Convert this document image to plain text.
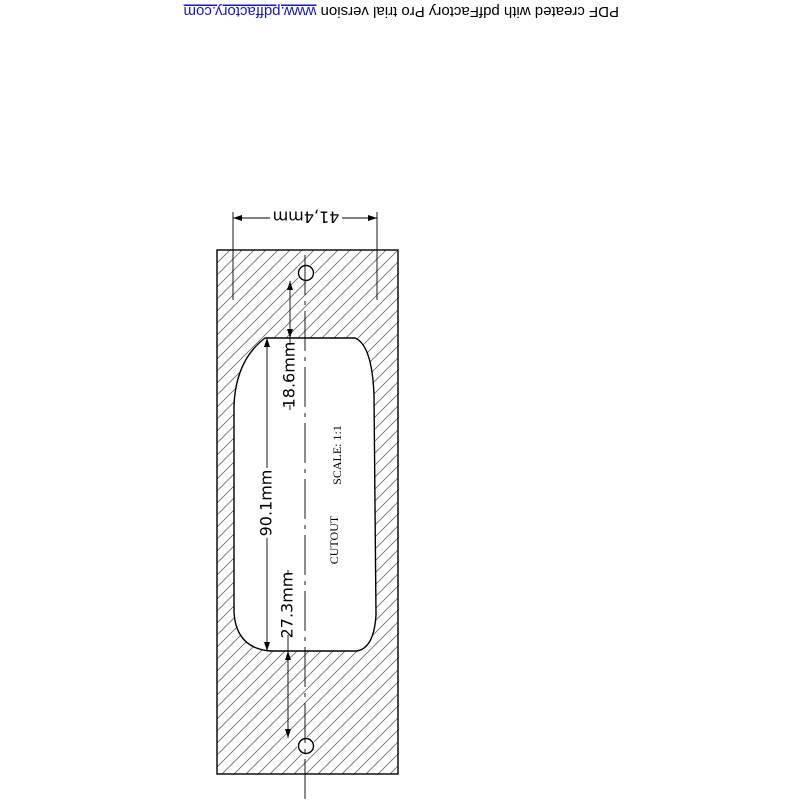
PDF created with pdfFactory Pro trial version www.pdffactory.com
41,4mm
18.6mm
90.1mm
27.3mm
SCALE: 1:1
CUTOUT
